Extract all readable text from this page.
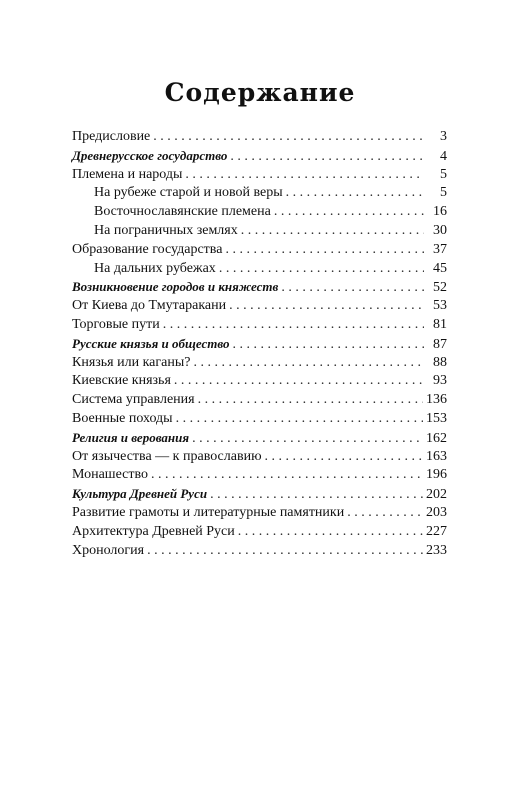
Содержание
Предисловие . . .	3
Древнерусское государство . . .	4
Племена и народы . . .	5
На рубеже старой и новой веры . . .	5
Восточнославянские племена . . .	16
На пограничных землях . . .	30
Образование государства . . .	37
На дальних рубежах . . .	45
Возникновение городов и княжеств . . .	52
От Киева до Тмутаракани . . .	53
Торговые пути . . .	81
Русские князья и общество . . .	87
Князья или каганы? . . .	88
Киевские князья . . .	93
Система управления . . .	136
Военные походы . . .	153
Религия и верования . . .	162
От язычества — к православию . . .	163
Монашество . . .	196
Культура Древней Руси . . .	202
Развитие грамоты и литературные памятники . . .	203
Архитектура Древней Руси . . .	227
Хронология . . .	233
